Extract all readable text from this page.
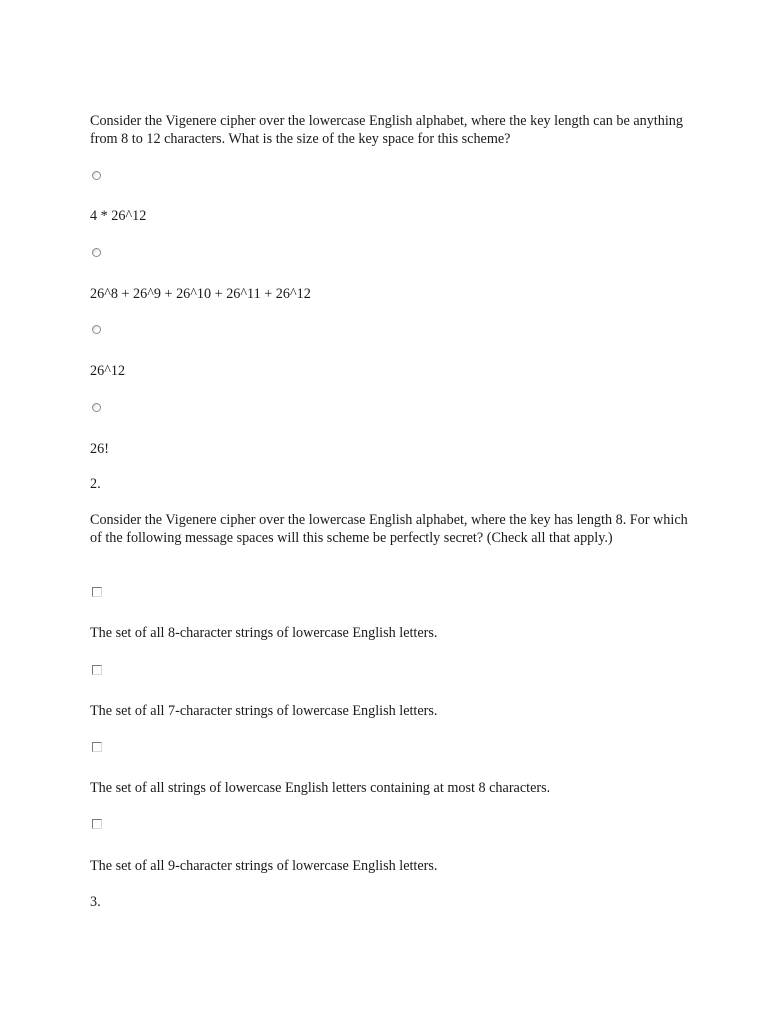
Consider the Vigenere cipher over the lowercase English alphabet, where the key length can be anything from 8 to 12 characters. What is the size of the key space for this scheme?
4 * 26^12
26^8 + 26^9 + 26^10 + 26^11 + 26^12
26^12
26!
2.
Consider the Vigenere cipher over the lowercase English alphabet, where the key has length 8. For which of the following message spaces will this scheme be perfectly secret? (Check all that apply.)
The set of all 8-character strings of lowercase English letters.
The set of all 7-character strings of lowercase English letters.
The set of all strings of lowercase English letters containing at most 8 characters.
The set of all 9-character strings of lowercase English letters.
3.
